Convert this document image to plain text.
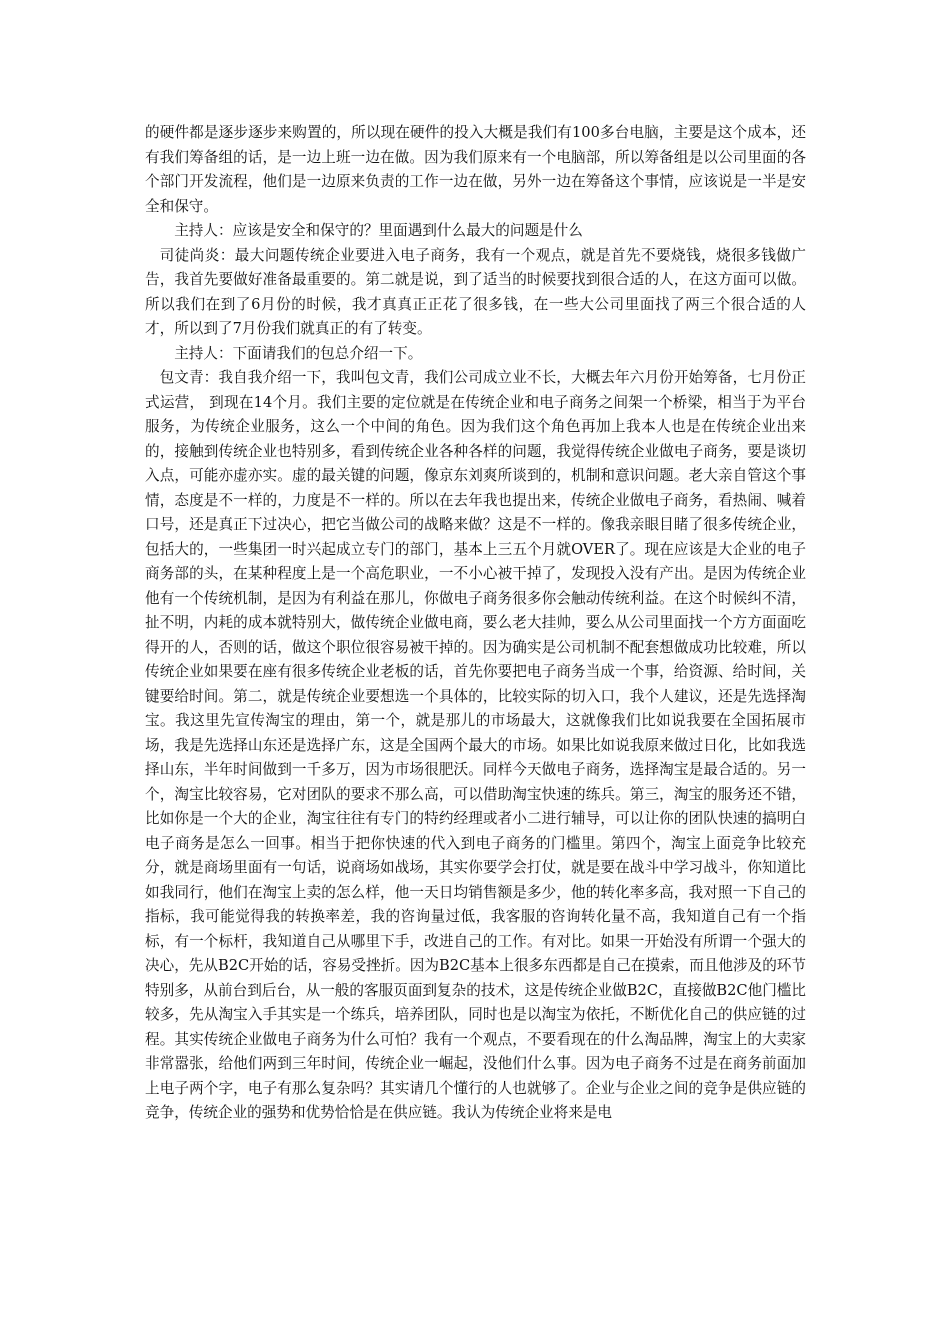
的硬件都是逐步逐步来购置的，所以现在硬件的投入大概是我们有100多台电脑，主要是这个成本，还有我们筹备组的话，是一边上班一边在做。因为我们原来有一个电脑部，所以筹备组是以公司里面的各个部门开发流程，他们是一边原来负责的工作一边在做，另外一边在筹备这个事情，应该说是一半是安全和保守。

主持人：应该是安全和保守的？里面遇到什么最大的问题是什么

司徒尚炎：最大问题传统企业要进入电子商务，我有一个观点，就是首先不要烧钱，烧很多钱做广告，我首先要做好准备最重要的。第二就是说，到了适当的时候要找到很合适的人，在这方面可以做。所以我们在到了6月份的时候，我才真真正正花了很多钱，在一些大公司里面找了两三个很合适的人才，所以到了7月份我们就真正的有了转变。

主持人：下面请我们的包总介绍一下。

包文青：我自我介绍一下，我叫包文青，我们公司成立业不长，大概去年六月份开始筹备，七月份正式运营， 到现在14个月。我们主要的定位就是在传统企业和电子商务之间架一个桥梁，相当于为平台服务，为传统企业服务，这么一个中间的角色。因为我们这个角色再加上我本人也是在传统企业出来的，接触到传统企业也特别多，看到传统企业各种各样的问题，我觉得传统企业做电子商务，要是谈切入点，可能亦虚亦实。虚的最关键的问题，像京东刘爽所谈到的，机制和意识问题。老大亲自管这个事情，态度是不一样的，力度是不一样的。所以在去年我也提出来，传统企业做电子商务，看热闹、喊着口号，还是真正下过决心，把它当做公司的战略来做？这是不一样的。像我亲眼目睹了很多传统企业，包括大的，一些集团一时兴起成立专门的部门，基本上三五个月就OVER了。现在应该是大企业的电子商务部的头，在某种程度上是一个高危职业，一不小心被干掉了，发现投入没有产出。是因为传统企业他有一个传统机制，是因为有利益在那儿，你做电子商务很多你会触动传统利益。在这个时候纠不清，扯不明，内耗的成本就特别大，做传统企业做电商，要么老大挂帅，要么从公司里面找一个方方面面吃得开的人，否则的话，做这个职位很容易被干掉的。因为确实是公司机制不配套想做成功比较难，所以传统企业如果要在座有很多传统企业老板的话，首先你要把电子商务当成一个事，给资源、给时间，关键要给时间。第二，就是传统企业要想选一个具体的，比较实际的切入口，我个人建议，还是先选择淘宝。我这里先宣传淘宝的理由，第一个，就是那儿的市场最大，这就像我们比如说我要在全国拓展市场，我是先选择山东还是选择广东，这是全国两个最大的市场。如果比如说我原来做过日化，比如我选择山东，半年时间做到一千多万，因为市场很肥沃。同样今天做电子商务，选择淘宝是最合适的。另一个，淘宝比较容易，它对团队的要求不那么高，可以借助淘宝快速的练兵。第三，淘宝的服务还不错，比如你是一个大的企业，淘宝往往有专门的特约经理或者小二进行辅导，可以让你的团队快速的搞明白电子商务是怎么一回事。相当于把你快速的代入到电子商务的门槛里。第四个，淘宝上面竞争比较充分，就是商场里面有一句话，说商场如战场，其实你要学会打仗，就是要在战斗中学习战斗，你知道比如我同行，他们在淘宝上卖的怎么样，他一天日均销售额是多少，他的转化率多高，我对照一下自己的指标，我可能觉得我的转换率差，我的咨询量过低，我客服的咨询转化量不高，我知道自己有一个指标，有一个标杆，我知道自己从哪里下手，改进自己的工作。有对比。如果一开始没有所谓一个强大的决心，先从B2C开始的话，容易受挫折。因为B2C基本上很多东西都是自己在摸索，而且他涉及的环节特别多，从前台到后台，从一般的客服页面到复杂的技术，这是传统企业做B2C，直接做B2C他门槛比较多，先从淘宝入手其实是一个练兵，培养团队，同时也是以淘宝为依托，不断优化自己的供应链的过程。其实传统企业做电子商务为什么可怕？我有一个观点，不要看现在的什么淘品牌，淘宝上的大卖家非常嚣张，给他们两到三年时间，传统企业一崛起，没他们什么事。因为电子商务不过是在商务前面加上电子两个字，电子有那么复杂吗？其实请几个懂行的人也就够了。企业与企业之间的竞争是供应链的竞争，传统企业的强势和优势恰恰是在供应链。我认为传统企业将来是电
